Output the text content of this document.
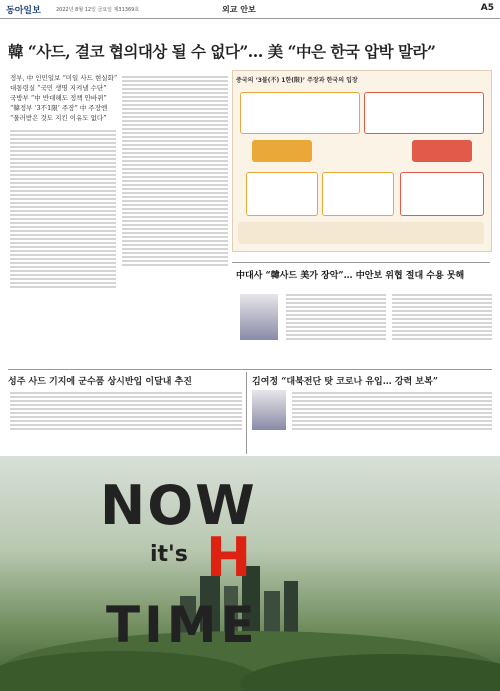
동아일보	2022년 8월 12일 금요일 제31369호	외교 안보	A5
韓 “사드, 결코 협의대상 될 수 없다”… 美 “中은 한국 압박 말라”
정부, 中 인민일보 “미일 사드 현실화”
대통령실 “국민 생명 지켜낼 수단”
국방부 “中 반대해도 정책 안바뀌”
“韓정부 ‘3不1限’ 주장” 中 주장엔
“물러받은 것도 지킨 이유도 없다”
중국의 ‘3불(不) 1한(限)’ 주장과 한국의 입장
中대사 “韓사드 美가 장악”… 中안보 위협 절대 수용 못해
성주 사드 기지에 군수품 상시반입 이달내 추진	김여정 “대북전단 탓 코로나 유입… 강력 보복”
NOW
it's H
TIME
